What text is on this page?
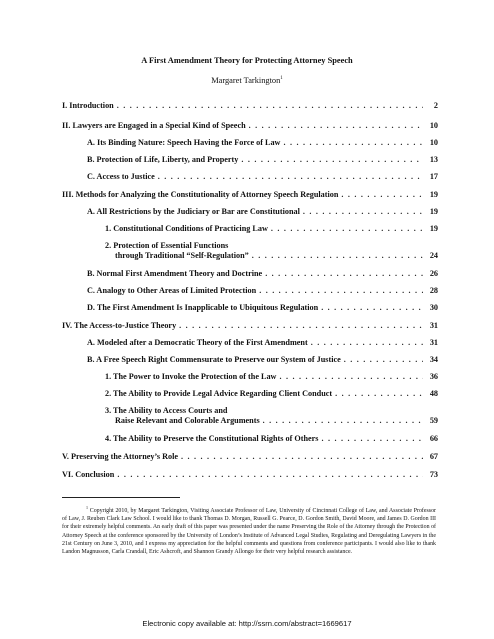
A First Amendment Theory for Protecting Attorney Speech
Margaret Tarkington$^1$
I. Introduction . . .	2
II. Lawyers are Engaged in a Special Kind of Speech . . .	10
A. Its Binding Nature: Speech Having the Force of Law . . .	10
B. Protection of Life, Liberty, and Property . . .	13
C. Access to Justice . . .	17
III. Methods for Analyzing the Constitutionality of Attorney Speech Regulation . . .	19
A. All Restrictions by the Judiciary or Bar are Constitutional . . .	19
1. Constitutional Conditions of Practicing Law . . .	19
2. Protection of Essential Functions
through Traditional “Self-Regulation” . . .	24
B. Normal First Amendment Theory and Doctrine . . .	26
C. Analogy to Other Areas of Limited Protection . . .	28
D. The First Amendment Is Inapplicable to Ubiquitous Regulation . . .	30
IV. The Access-to-Justice Theory . . .	31
A. Modeled after a Democratic Theory of the First Amendment . . .	31
B. A Free Speech Right Commensurate to Preserve our System of Justice . . .	34
1. The Power to Invoke the Protection of the Law . . .	36
2. The Ability to Provide Legal Advice Regarding Client Conduct . . .	48
3. The Ability to Access Courts and
Raise Relevant and Colorable Arguments . . .	59
4. The Ability to Preserve the Constitutional Rights of Others . . .	66
V. Preserving the Attorney’s Role . . .	67
VI. Conclusion . . .	73
$^1$ Copyright 2010, by Margaret Tarkington, Visiting Associate Professor of Law, University of Cincinnati College of Law, and Associate Professor of Law, J. Reuben Clark Law School. I would like to thank Thomas D. Morgan, Russell G. Pearce, D. Gordon Smith, David Moore, and James D. Gordon III for their extremely helpful comments. An early draft of this paper was presented under the name Preserving the Role of the Attorney through the Protection of Attorney Speech at the conference sponsored by the University of London’s Institute of Advanced Legal Studies, Regulating and Deregulating Lawyers in the 21st Century on June 3, 2010, and I express my appreciation for the helpful comments and questions from conference participants. I would also like to thank Landon Magnusson, Carla Crandall, Eric Ashcroft, and Shannon Grandy Allongo for their very helpful research assistance.
Electronic copy available at: http://ssrn.com/abstract=1669617
